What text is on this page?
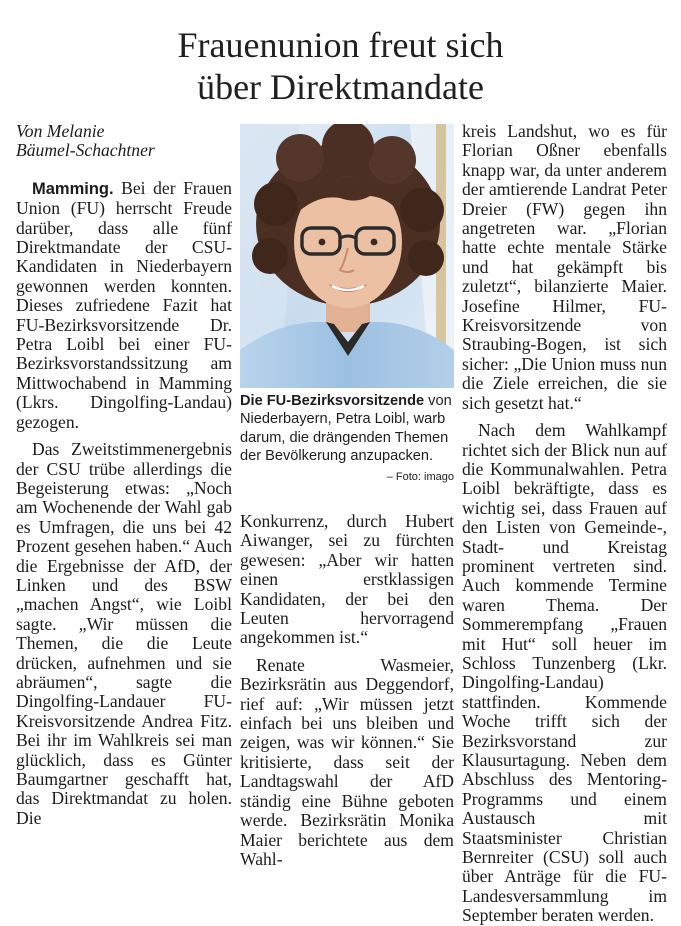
Frauenunion freut sich
über Direktmandate

Von Melanie
Bäumel-Schachtner

Mamming. Bei der Frauen Union (FU) herrscht Freude darüber, dass alle fünf Direktmandate der CSU-Kandidaten in Niederbayern gewonnen werden konnten. Dieses zufriedene Fazit hat FU-Bezirksvorsitzende Dr. Petra Loibl bei einer FU-Bezirksvorstandssitzung am Mittwochabend in Mamming (Lkrs. Dingolfing-Landau) gezogen.

Das Zweitstimmenergebnis der CSU trübe allerdings die Begeisterung etwas: „Noch am Wochenende der Wahl gab es Umfragen, die uns bei 42 Prozent gesehen haben.“ Auch die Ergebnisse der AfD, der Linken und des BSW „machen Angst“, wie Loibl sagte. „Wir müssen die Themen, die die Leute drücken, aufnehmen und sie abräumen“, sagte die Dingolfing-Landauer FU-Kreisvorsitzende Andrea Fitz. Bei ihr im Wahlkreis sei man glücklich, dass es Günter Baumgartner geschafft hat, das Direktmandat zu holen. Die

Die FU-Bezirksvorsitzende von Niederbayern, Petra Loibl, warb darum, die drängenden Themen der Bevölkerung anzupacken.
– Foto: imago

Konkurrenz, durch Hubert Aiwanger, sei zu fürchten gewesen: „Aber wir hatten einen erstklassigen Kandidaten, der bei den Leuten hervorragend angekommen ist.“

Renate Wasmeier, Bezirksrätin aus Deggendorf, rief auf: „Wir müssen jetzt einfach bei uns bleiben und zeigen, was wir können.“ Sie kritisierte, dass seit der Landtagswahl der AfD ständig eine Bühne geboten werde. Bezirksrätin Monika Maier berichtete aus dem Wahl-

kreis Landshut, wo es für Florian Oßner ebenfalls knapp war, da unter anderem der amtierende Landrat Peter Dreier (FW) gegen ihn angetreten war. „Florian hatte echte mentale Stärke und hat gekämpft bis zuletzt“, bilanzierte Maier. Josefine Hilmer, FU-Kreisvorsitzende von Straubing-Bogen, ist sich sicher: „Die Union muss nun die Ziele erreichen, die sie sich gesetzt hat.“

Nach dem Wahlkampf richtet sich der Blick nun auf die Kommunalwahlen. Petra Loibl bekräftigte, dass es wichtig sei, dass Frauen auf den Listen von Gemeinde-, Stadt- und Kreistag prominent vertreten sind. Auch kommende Termine waren Thema. Der Sommerempfang „Frauen mit Hut“ soll heuer im Schloss Tunzenberg (Lkr. Dingolfing-Landau) stattfinden. Kommende Woche trifft sich der Bezirksvorstand zur Klausurtagung. Neben dem Abschluss des Mentoring-Programms und einem Austausch mit Staatsminister Christian Bernreiter (CSU) soll auch über Anträge für die FU-Landesversammlung im September beraten werden.
